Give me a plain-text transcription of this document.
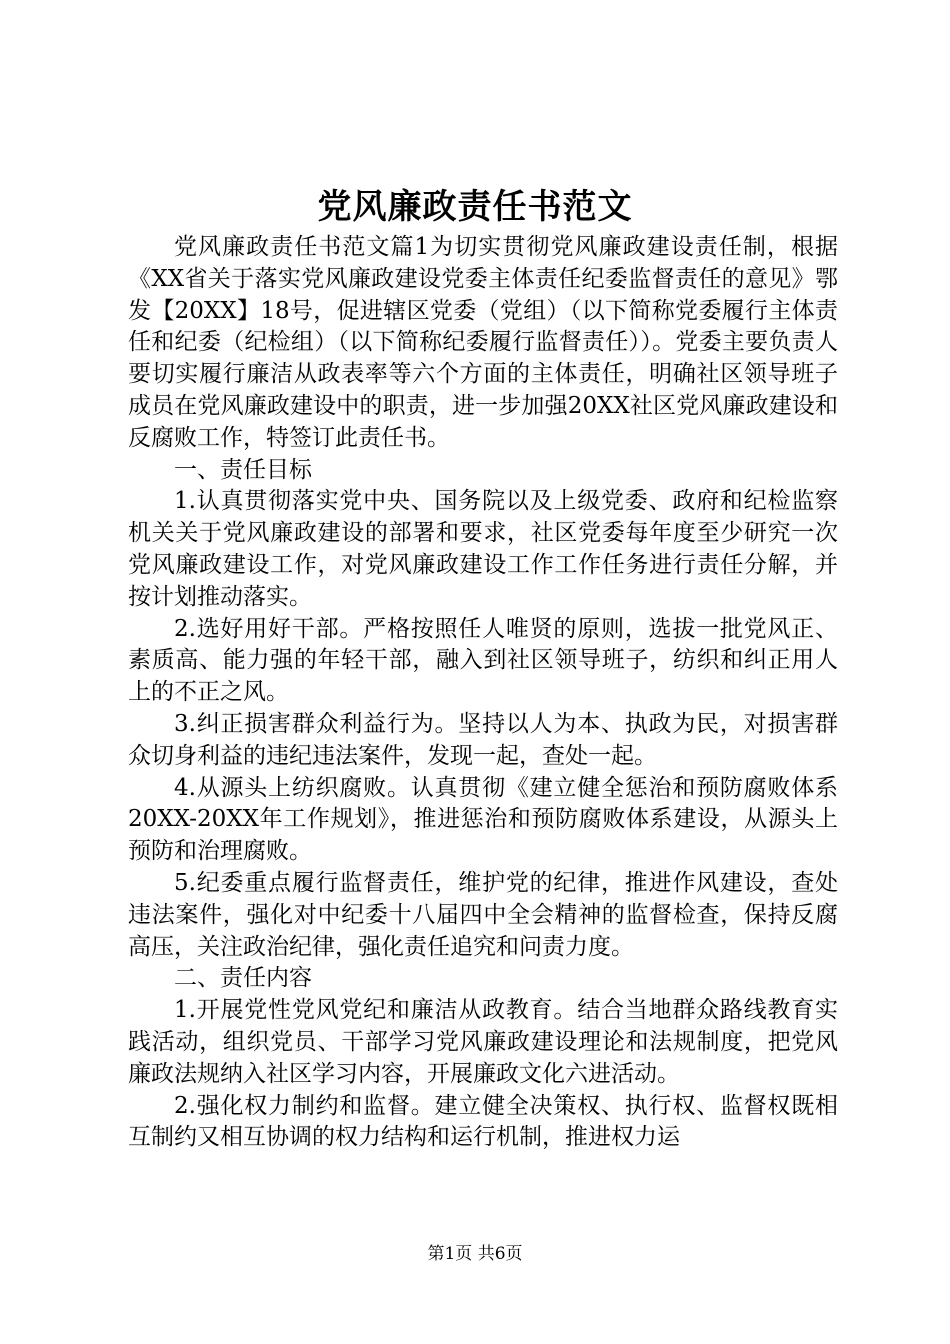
党风廉政责任书范文

党风廉政责任书范文篇1为切实贯彻党风廉政建设责任制，根据《XX省关于落实党风廉政建设党委主体责任纪委监督责任的意见》鄂发【20XX】18号，促进辖区党委（党组）（以下简称党委履行主体责任和纪委（纪检组）（以下简称纪委履行监督责任））。党委主要负责人要切实履行廉洁从政表率等六个方面的主体责任，明确社区领导班子成员在党风廉政建设中的职责，进一步加强20XX社区党风廉政建设和反腐败工作，特签订此责任书。

一、责任目标

1.认真贯彻落实党中央、国务院以及上级党委、政府和纪检监察机关关于党风廉政建设的部署和要求，社区党委每年度至少研究一次党风廉政建设工作，对党风廉政建设工作工作任务进行责任分解，并按计划推动落实。

2.选好用好干部。严格按照任人唯贤的原则，选拔一批党风正、素质高、能力强的年轻干部，融入到社区领导班子，纺织和纠正用人上的不正之风。

3.纠正损害群众利益行为。坚持以人为本、执政为民，对损害群众切身利益的违纪违法案件，发现一起，查处一起。

4.从源头上纺织腐败。认真贯彻《建立健全惩治和预防腐败体系20XX-20XX年工作规划》，推进惩治和预防腐败体系建设，从源头上预防和治理腐败。

5.纪委重点履行监督责任，维护党的纪律，推进作风建设，查处违法案件，强化对中纪委十八届四中全会精神的监督检查，保持反腐高压，关注政治纪律，强化责任追究和问责力度。

二、责任内容

1.开展党性党风党纪和廉洁从政教育。结合当地群众路线教育实践活动，组织党员、干部学习党风廉政建设理论和法规制度，把党风廉政法规纳入社区学习内容，开展廉政文化六进活动。

2.强化权力制约和监督。建立健全决策权、执行权、监督权既相互制约又相互协调的权力结构和运行机制，推进权力运

第1页 共6页
